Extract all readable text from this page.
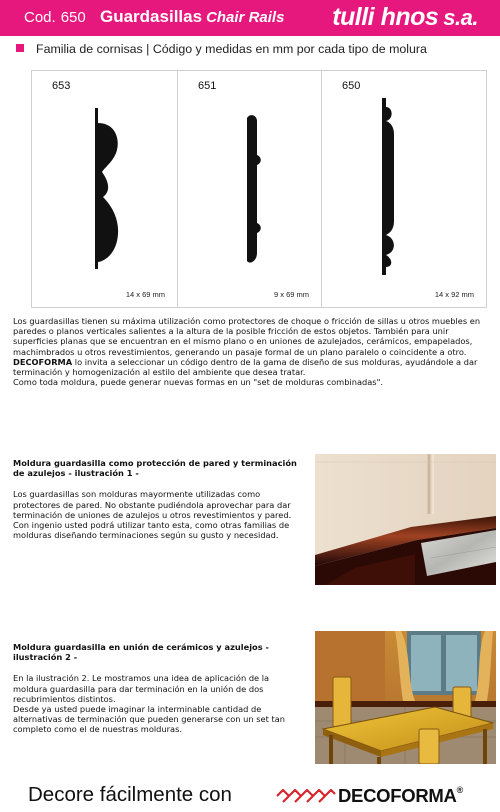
Cod. 650 Guardasillas Chair Rails tulli hnos s.a.
Familia de cornisas | Código y medidas en mm por cada tipo de molura
653
14 x 69 mm
651
9 x 69 mm
650
14 x 92 mm

Los guardasillas tienen su máxima utilización como protectores de choque o fricción de sillas u otros muebles en paredes o planos verticales salientes a la altura de la posible fricción de estos objetos. También para unir superficies planas que se encuentran en el mismo plano o en uniones de azulejados, cerámicos, empapelados, machimbrados u otros revestimientos, generando un pasaje formal de un plano paralelo o coincidente a otro.

DECOFORMA lo invita a seleccionar un código dentro de la gama de diseño de sus molduras, ayudándole a dar terminación y homogenización al estilo del ambiente que desea tratar.

Como toda moldura, puede generar nuevas formas en un "set de molduras combinadas".

Moldura guardasilla como protección de pared y terminación de azulejos - ilustración 1 -
Los guardasillas son molduras mayormente utilizadas como protectores de pared. No obstante pudiéndola aprovechar para dar terminación de uniones de azulejos u otros revestimientos y pared.
Con ingenio usted podrá utilizar tanto esta, como otras familias de molduras diseñando terminaciones según su gusto y necesidad.
Moldura guardasilla en unión de cerámicos y azulejos - ilustración 2 -
En la ilustración 2. Le mostramos una idea de aplicación de la moldura guardasilla para dar terminación en la unión de dos recubrimientos distintos.
Desde ya usted puede imaginar la interminable cantidad de alternativas de terminación que pueden generarse con un set tan completo como el de nuestras molduras.
Decore fácilmente con	DECOFORMA®
